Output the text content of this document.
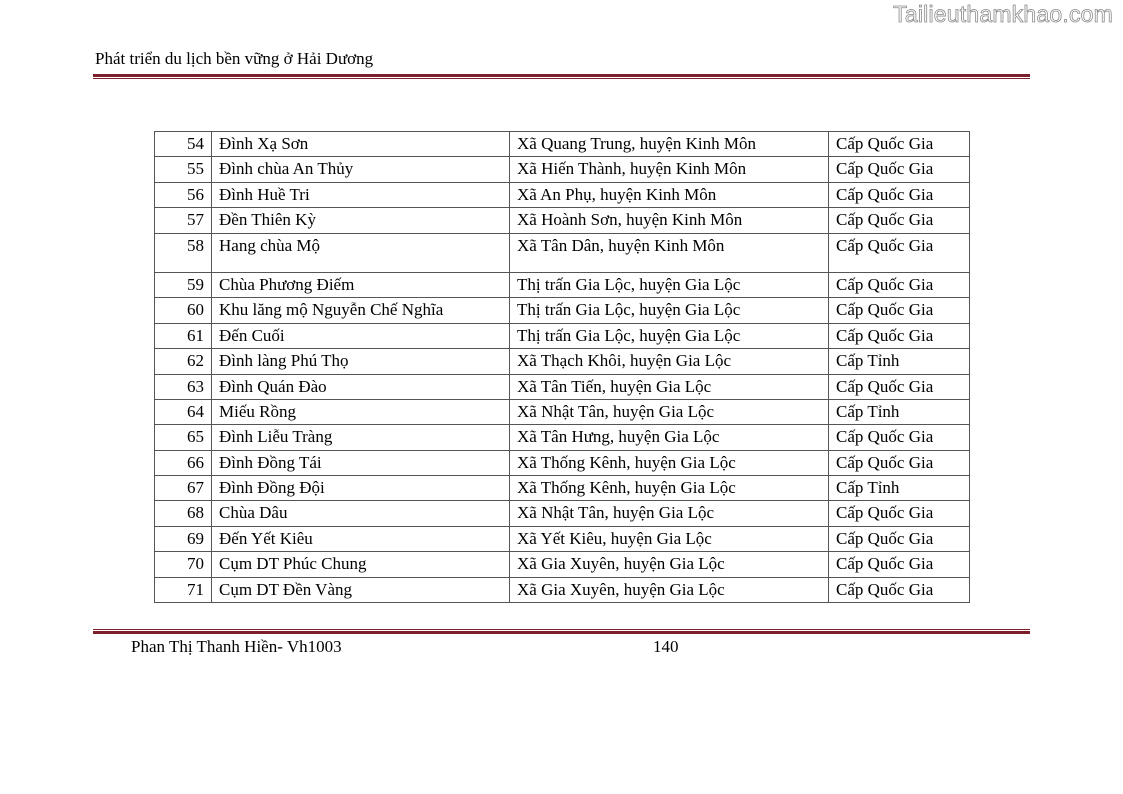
Tailieuthamkhao.com
Phát triển du lịch bền vững ở Hải Dương
54	Đình Xạ Sơn	Xã Quang Trung, huyện Kinh Môn	Cấp Quốc Gia
55	Đình chùa An Thủy	Xã Hiến Thành, huyện Kinh Môn	Cấp Quốc Gia
56	Đình Huề Tri	Xã An Phụ, huyện Kinh Môn	Cấp Quốc Gia
57	Đền Thiên Kỳ	Xã Hoành Sơn, huyện Kinh Môn	Cấp Quốc Gia
58	Hang chùa Mộ	Xã Tân Dân, huyện Kinh Môn	Cấp Quốc Gia
59	Chùa Phương Điếm	Thị trấn Gia Lộc, huyện Gia Lộc	Cấp Quốc Gia
60	Khu lăng mộ Nguyễn Chế Nghĩa	Thị trấn Gia Lộc, huyện Gia Lộc	Cấp Quốc Gia
61	Đến Cuối	Thị trấn Gia Lộc, huyện Gia Lộc	Cấp Quốc Gia
62	Đình làng Phú Thọ	Xã Thạch Khôi, huyện Gia Lộc	Cấp Tỉnh
63	Đình Quán Đào	Xã Tân Tiến, huyện Gia Lộc	Cấp Quốc Gia
64	Miếu Rồng	Xã Nhật Tân, huyện Gia Lộc	Cấp Tỉnh
65	Đình Liễu Tràng	Xã Tân Hưng, huyện Gia Lộc	Cấp Quốc Gia
66	Đình Đồng Tái	Xã Thống Kênh, huyện Gia Lộc	Cấp Quốc Gia
67	Đình Đồng Đội	Xã Thống Kênh, huyện Gia Lộc	Cấp Tỉnh
68	Chùa Dâu	Xã Nhật Tân, huyện Gia Lộc	Cấp Quốc Gia
69	Đến Yết Kiêu	Xã Yết Kiêu, huyện Gia Lộc	Cấp Quốc Gia
70	Cụm DT Phúc Chung	Xã Gia Xuyên, huyện Gia Lộc	Cấp Quốc Gia
71	Cụm DT Đền Vàng	Xã Gia Xuyên, huyện Gia Lộc	Cấp Quốc Gia
Phan Thị Thanh Hiền- Vh1003	140
